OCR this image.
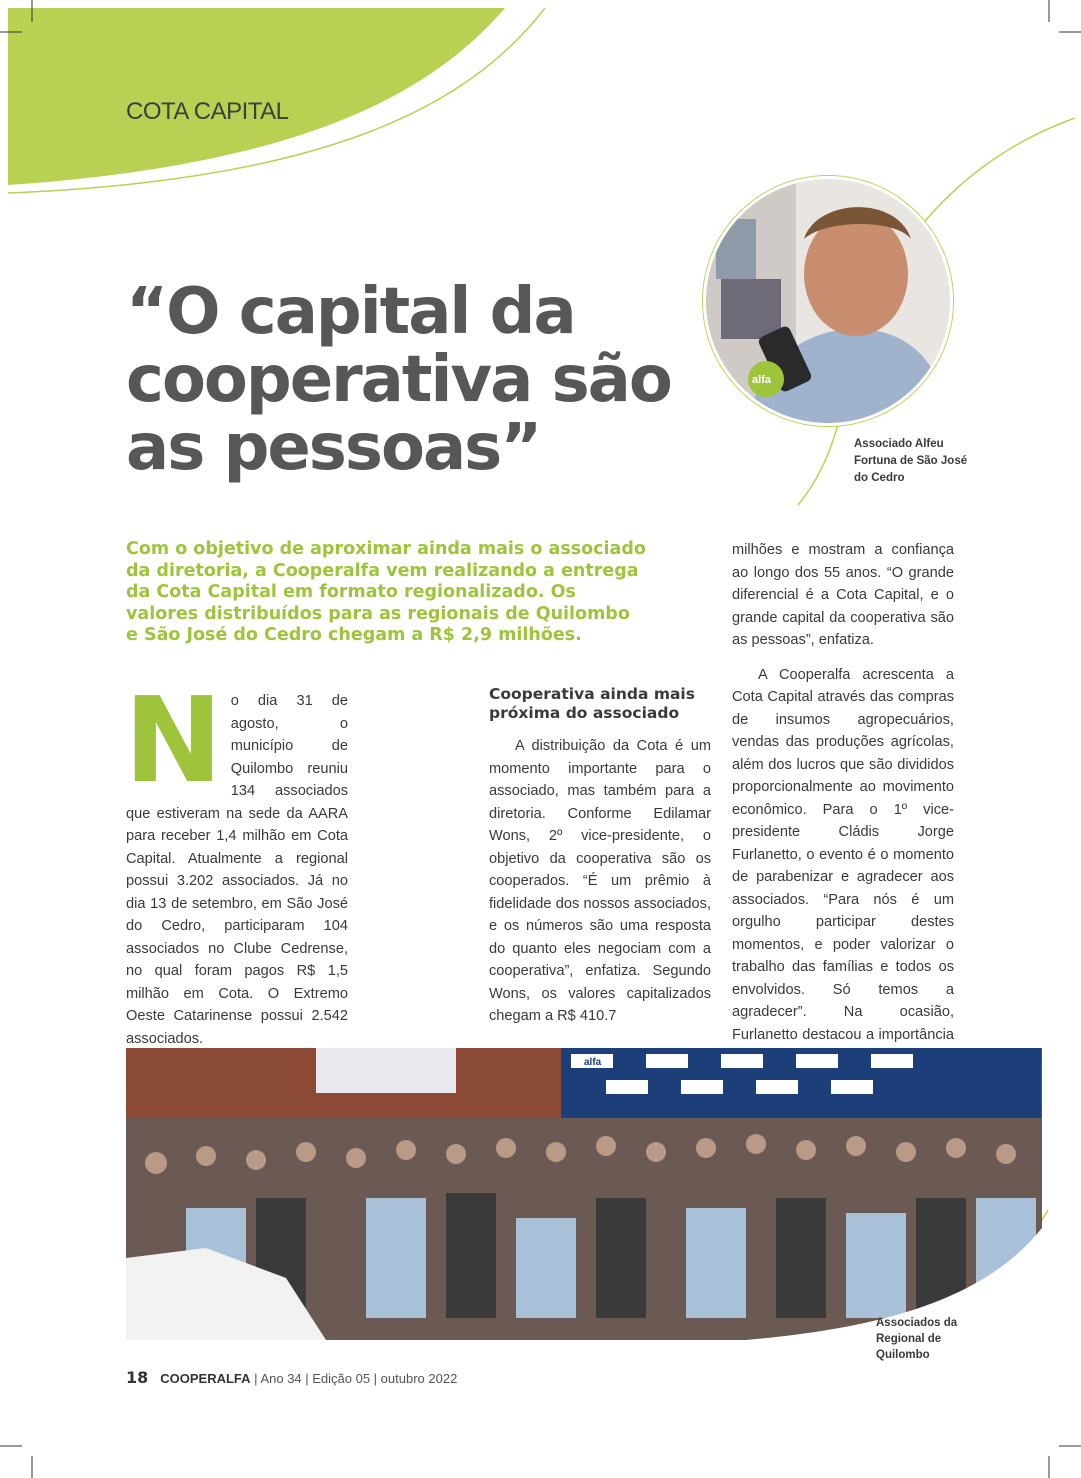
COTA CAPITAL
“O capital da cooperativa são as pessoas”
alfa
Associado Alfeu Fortuna de São José do Cedro
Com o objetivo de aproximar ainda mais o associado da diretoria, a Cooperalfa vem realizando a entrega da Cota Capital em formato regionalizado. Os valores distribuídos para as regionais de Quilombo e São José do Cedro chegam a R$ 2,9 milhões.
N o dia 31 de agosto, o município de Quilombo reuniu 134 associados que estiveram na sede da AARA para receber 1,4 milhão em Cota Capital. Atualmente a regional possui 3.202 associados. Já no dia 13 de setembro, em São José do Cedro, participaram 104 associados no Clube Cedrense, no qual foram pagos R$ 1,5 milhão em Cota. O Extremo Oeste Catarinense possui 2.542 associados.

Cooperativa ainda mais próxima do associado

A distribuição da Cota é um momento importante para o associado, mas também para a diretoria. Conforme Edilamar Wons, 2º vice-presidente, o objetivo da cooperativa são os cooperados. “É um prêmio à fidelidade dos nossos associados, e os números são uma resposta do quanto eles negociam com a cooperativa”, enfatiza. Segundo Wons, os valores capitalizados chegam a R$ 410.7

milhões e mostram a confiança ao longo dos 55 anos. “O grande diferencial é a Cota Capital, e o grande capital da cooperativa são as pessoas”, enfatiza.

A Cooperalfa acrescenta a Cota Capital através das compras de insumos agropecuários, vendas das produções agrícolas, além dos lucros que são divididos proporcionalmente ao movimento econômico. Para o 1º vice-presidente Cládis Jorge Furlanetto, o evento é o momento de parabenizar e agradecer aos associados. “Para nós é um orgulho participar destes momentos, e poder valorizar o trabalho das famílias e todos os envolvidos. Só temos a agradecer”. Na ocasião, Furlanetto destacou a importância

alfa
Associados da Regional de Quilombo
18 COOPERALFA | Ano 34 | Edição 05 | outubro 2022
